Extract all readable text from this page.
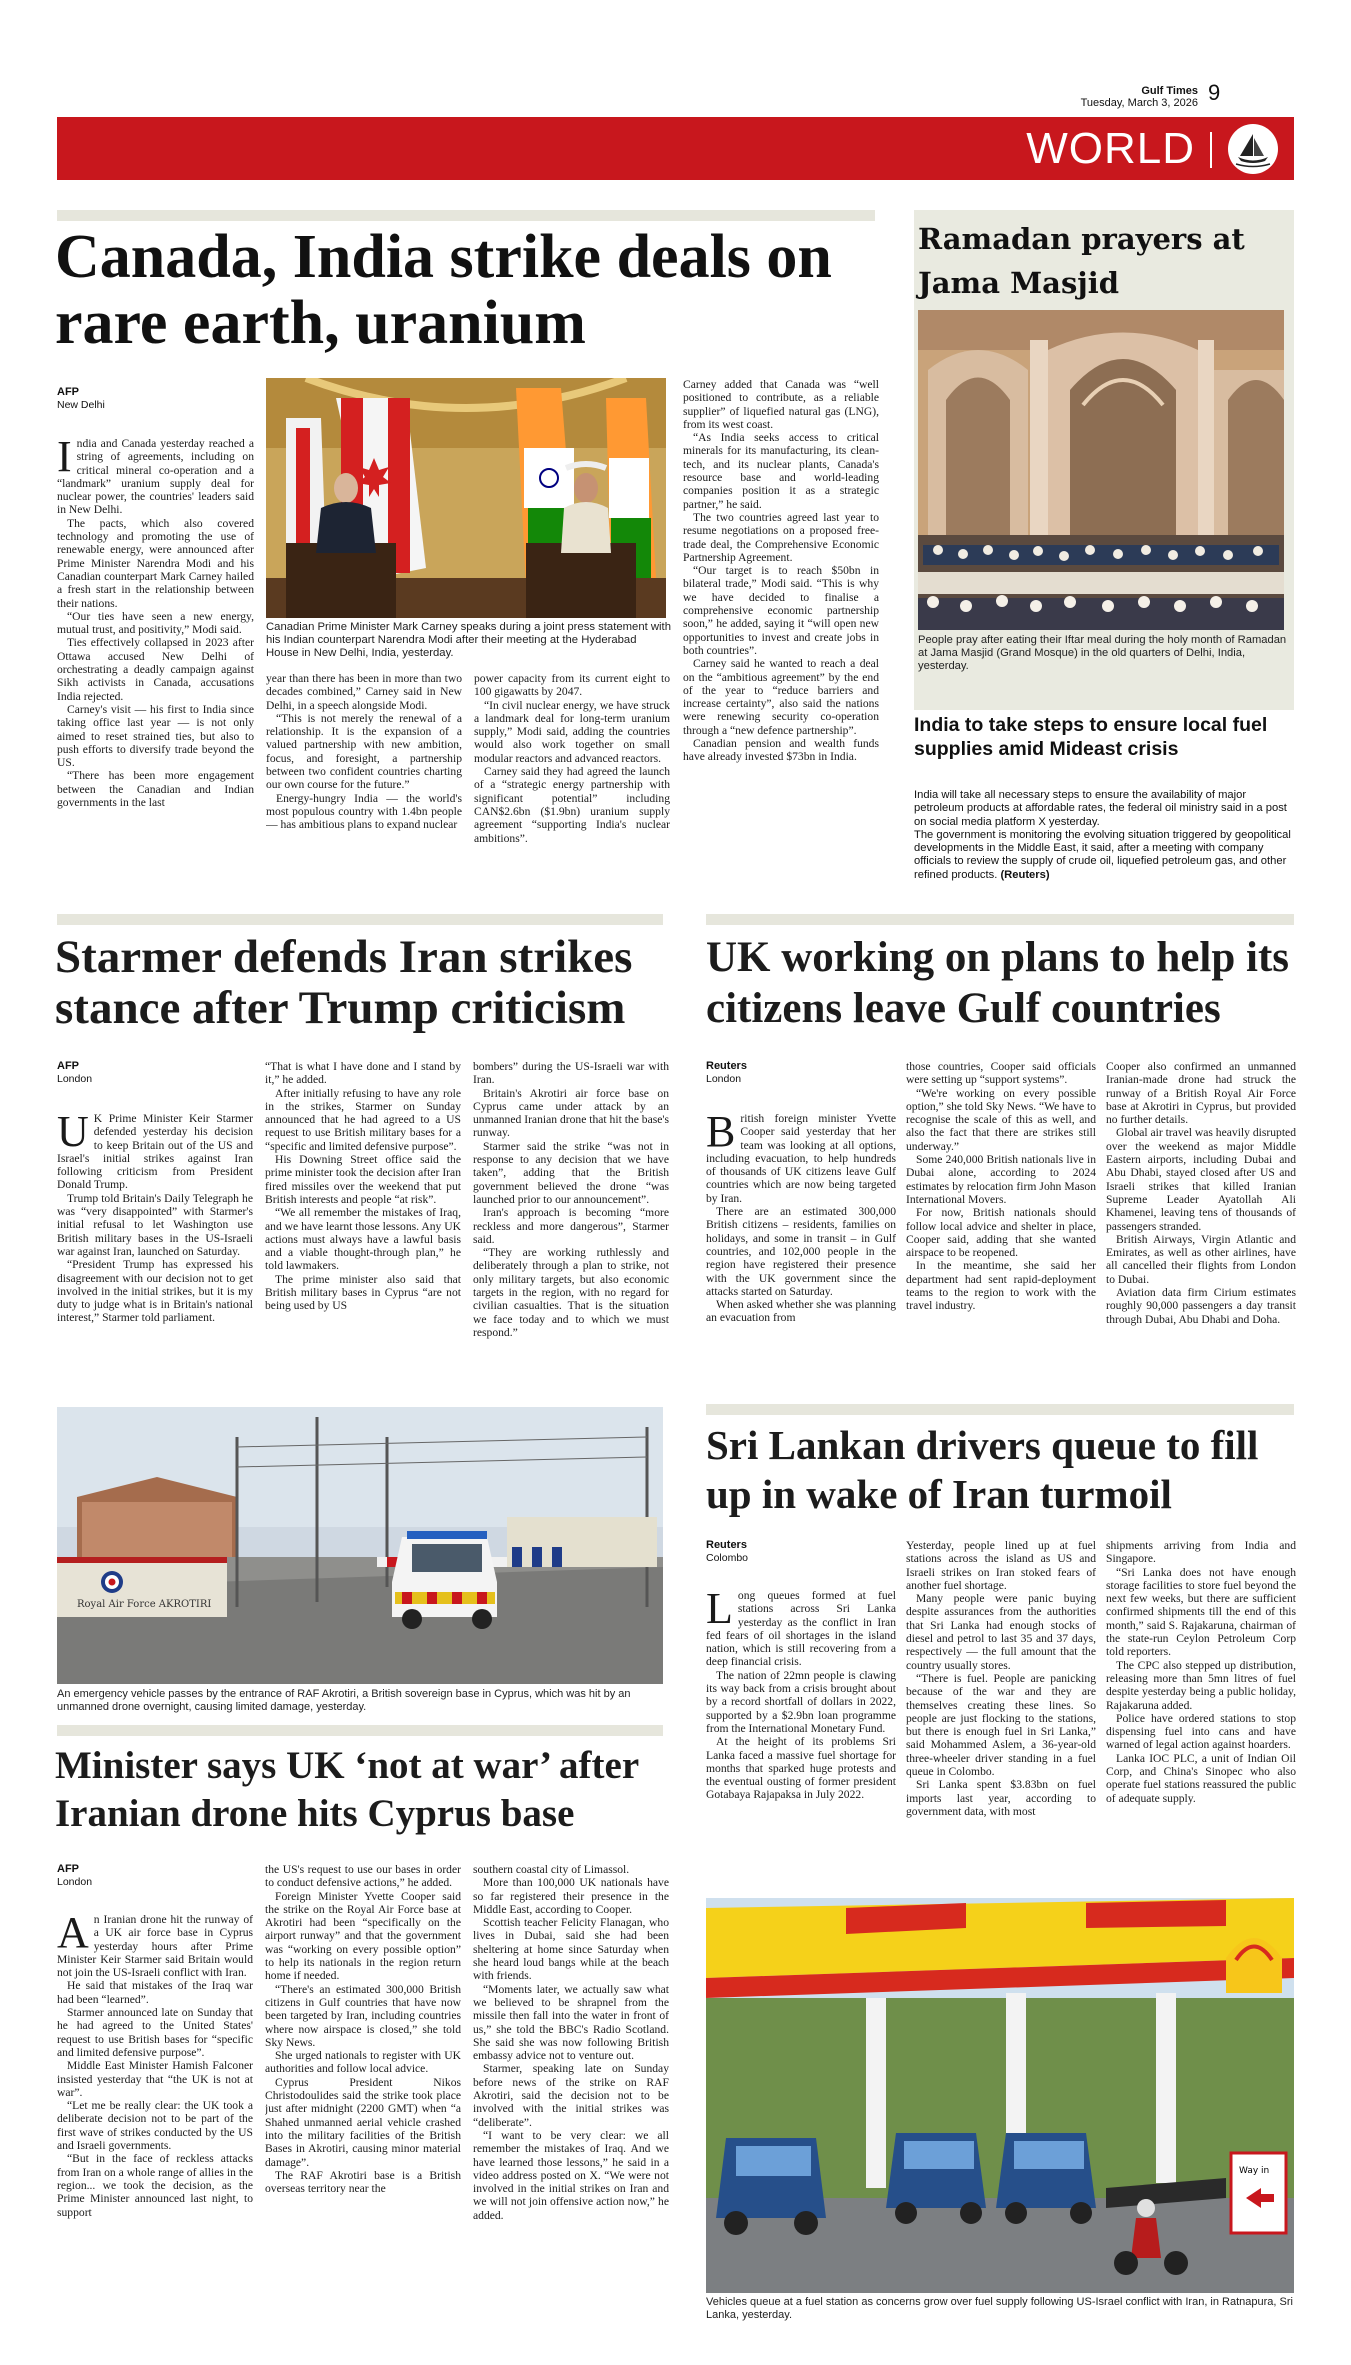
Gulf Times
Tuesday, March 3, 2026 9
WORLD
Canada, India strike deals on rare earth, uranium
AFP
New Delhi
I ndia and Canada yesterday reached a string of agreements, including on critical mineral co-operation and a “landmark” uranium supply deal for nuclear power, the countries' leaders said in New Delhi.

The pacts, which also covered technology and promoting the use of renewable energy, were announced after Prime Minister Narendra Modi and his Canadian counterpart Mark Carney hailed a fresh start in the relationship between their nations.

“Our ties have seen a new energy, mutual trust, and positivity,” Modi said.

Ties effectively collapsed in 2023 after Ottawa accused New Delhi of orchestrating a deadly campaign against Sikh activists in Canada, accusations India rejected.

Carney's visit — his first to India since taking office last year — is not only aimed to reset strained ties, but also to push efforts to diversify trade beyond the US.

“There has been more engagement between the Canadian and Indian governments in the last

Canadian Prime Minister Mark Carney speaks during a joint press statement with his Indian counterpart Narendra Modi after their meeting at the Hyderabad House in New Delhi, India, yesterday.

year than there has been in more than two decades combined,” Carney said in New Delhi, in a speech alongside Modi.

“This is not merely the renewal of a relationship. It is the expansion of a valued partnership with new ambition, focus, and foresight, a partnership between two confident countries charting our own course for the future.”

Energy-hungry India — the world's most populous country with 1.4bn people — has ambitious plans to expand nuclear

power capacity from its current eight to 100 gigawatts by 2047.

“In civil nuclear energy, we have struck a landmark deal for long-term uranium supply,” Modi said, adding the countries would also work together on small modular reactors and advanced reactors.

Carney said they had agreed the launch of a “strategic energy partnership with significant potential” including CAN$2.6bn ($1.9bn) uranium supply agreement “supporting India's nuclear ambitions”.

Carney added that Canada was “well positioned to contribute, as a reliable supplier” of liquefied natural gas (LNG), from its west coast.

“As India seeks access to critical minerals for its manufacturing, its clean-tech, and its nuclear plants, Canada's resource base and world-leading companies position it as a strategic partner,” he said.

The two countries agreed last year to resume negotiations on a proposed free-trade deal, the Comprehensive Economic Partnership Agreement.

“Our target is to reach $50bn in bilateral trade,” Modi said. “This is why we have decided to finalise a comprehensive economic partnership soon,” he added, saying it “will open new opportunities to invest and create jobs in both countries”.

Carney said he wanted to reach a deal on the “ambitious agreement” by the end of the year to “reduce barriers and increase certainty”, also said the nations were renewing security co-operation through a “new defence partnership”.

Canadian pension and wealth funds have already invested $73bn in India.

Ramadan prayers at Jama Masjid
People pray after eating their Iftar meal during the holy month of Ramadan at Jama Masjid (Grand Mosque) in the old quarters of Delhi, India, yesterday.
India to take steps to ensure local fuel supplies amid Mideast crisis
India will take all necessary steps to ensure the availability of major petroleum products at affordable rates, the federal oil ministry said in a post on social media platform X yesterday.
The government is monitoring the evolving situation triggered by geopolitical developments in the Middle East, it said, after a meeting with company officials to review the supply of crude oil, liquefied petroleum gas, and other refined products. (Reuters)
Starmer defends Iran strikes stance after Trump criticism
AFP
London
U K Prime Minister Keir Starmer defended yesterday his decision to keep Britain out of the US and Israel's initial strikes against Iran following criticism from President Donald Trump.

Trump told Britain's Daily Telegraph he was “very disappointed” with Starmer's initial refusal to let Washington use British military bases in the US-Israeli war against Iran, launched on Saturday.

“President Trump has expressed his disagreement with our decision not to get involved in the initial strikes, but it is my duty to judge what is in Britain's national interest,” Starmer told parliament.

“That is what I have done and I stand by it,” he added.

After initially refusing to have any role in the strikes, Starmer on Sunday announced that he had agreed to a US request to use British military bases for a “specific and limited defensive purpose”.

His Downing Street office said the prime minister took the decision after Iran fired missiles over the weekend that put British interests and people “at risk”.

“We all remember the mistakes of Iraq, and we have learnt those lessons. Any UK actions must always have a lawful basis and a viable thought-through plan,” he told lawmakers.

The prime minister also said that British military bases in Cyprus “are not being used by US

bombers” during the US-Israeli war with Iran.

Britain's Akrotiri air force base on Cyprus came under attack by an unmanned Iranian drone that hit the base's runway.

Starmer said the strike “was not in response to any decision that we have taken”, adding that the British government believed the drone “was launched prior to our announcement”.

Iran's approach is becoming “more reckless and more dangerous”, Starmer said.

“They are working ruthlessly and deliberately through a plan to strike, not only military targets, but also economic targets in the region, with no regard for civilian casualties. That is the situation we face today and to which we must respond.”

UK working on plans to help its citizens leave Gulf countries
Reuters
London
B ritish foreign minister Yvette Cooper said yesterday that her team was looking at all options, including evacuation, to help hundreds of thousands of UK citizens leave Gulf countries which are now being targeted by Iran.

There are an estimated 300,000 British citizens – residents, families on holidays, and some in transit – in Gulf countries, and 102,000 people in the region have registered their presence with the UK government since the attacks started on Saturday.

When asked whether she was planning an evacuation from

those countries, Cooper said officials were setting up “support systems”.

“We're working on every possible option,” she told Sky News. “We have to recognise the scale of this as well, and also the fact that there are strikes still underway.”

Some 240,000 British nationals live in Dubai alone, according to 2024 estimates by relocation firm John Mason International Movers.

For now, British nationals should follow local advice and shelter in place, Cooper said, adding that she wanted airspace to be reopened.

In the meantime, she said her department had sent rapid-deployment teams to the region to work with the travel industry.

Cooper also confirmed an unmanned Iranian-made drone had struck the runway of a British Royal Air Force base at Akrotiri in Cyprus, but provided no further details.

Global air travel was heavily disrupted over the weekend as major Middle Eastern airports, including Dubai and Abu Dhabi, stayed closed after US and Israeli strikes that killed Iranian Supreme Leader Ayatollah Ali Khamenei, leaving tens of thousands of passengers stranded.

British Airways, Virgin Atlantic and Emirates, as well as other airlines, have all cancelled their flights from London to Dubai.

Aviation data firm Cirium estimates roughly 90,000 passengers a day transit through Dubai, Abu Dhabi and Doha.

Royal Air Force AKROTIRI
An emergency vehicle passes by the entrance of RAF Akrotiri, a British sovereign base in Cyprus, which was hit by an unmanned drone overnight, causing limited damage, yesterday.
Minister says UK ‘not at war’ after Iranian drone hits Cyprus base
AFP
London
A n Iranian drone hit the runway of a UK air force base in Cyprus yesterday hours after Prime Minister Keir Starmer said Britain would not join the US-Israeli conflict with Iran.

He said that mistakes of the Iraq war had been “learned”.

Starmer announced late on Sunday that he had agreed to the United States' request to use British bases for “specific and limited defensive purpose”.

Middle East Minister Hamish Falconer insisted yesterday that “the UK is not at war”.

“Let me be really clear: the UK took a deliberate decision not to be part of the first wave of strikes conducted by the US and Israeli governments.

“But in the face of reckless attacks from Iran on a whole range of allies in the region... we took the decision, as the Prime Minister announced last night, to support

the US's request to use our bases in order to conduct defensive actions,” he added.

Foreign Minister Yvette Cooper said the strike on the Royal Air Force base at Akrotiri had been “specifically on the airport runway” and that the government was “working on every possible option” to help its nationals in the region return home if needed.

“There's an estimated 300,000 British citizens in Gulf countries that have now been targeted by Iran, including countries where now airspace is closed,” she told Sky News.

She urged nationals to register with UK authorities and follow local advice.

Cyprus President Nikos Christodoulides said the strike took place just after midnight (2200 GMT) when “a Shahed unmanned aerial vehicle crashed into the military facilities of the British Bases in Akrotiri, causing minor material damage”.

The RAF Akrotiri base is a British overseas territory near the

southern coastal city of Limassol.

More than 100,000 UK nationals have so far registered their presence in the Middle East, according to Cooper.

Scottish teacher Felicity Flanagan, who lives in Dubai, said she had been sheltering at home since Saturday when she heard loud bangs while at the beach with friends.

“Moments later, we actually saw what we believed to be shrapnel from the missile then fall into the water in front of us,” she told the BBC's Radio Scotland. She said she was now following British embassy advice not to venture out.

Starmer, speaking late on Sunday before news of the strike on RAF Akrotiri, said the decision not to be involved with the initial strikes was “deliberate”.

“I want to be very clear: we all remember the mistakes of Iraq. And we have learned those lessons,” he said in a video address posted on X. “We were not involved in the initial strikes on Iran and we will not join offensive action now,” he added.

Sri Lankan drivers queue to fill up in wake of Iran turmoil
Reuters
Colombo
L ong queues formed at fuel stations across Sri Lanka yesterday as the conflict in Iran fed fears of oil shortages in the island nation, which is still recovering from a deep financial crisis.

The nation of 22mn people is clawing its way back from a crisis brought about by a record shortfall of dollars in 2022, supported by a $2.9bn loan programme from the International Monetary Fund.

At the height of its problems Sri Lanka faced a massive fuel shortage for months that sparked huge protests and the eventual ousting of former president Gotabaya Rajapaksa in July 2022.

Yesterday, people lined up at fuel stations across the island as US and Israeli strikes on Iran stoked fears of another fuel shortage.

Many people were panic buying despite assurances from the authorities that Sri Lanka had enough stocks of diesel and petrol to last 35 and 37 days, respectively — the full amount that the country usually stores.

“There is fuel. People are panicking because of the war and they are themselves creating these lines. So people are just flocking to the stations, but there is enough fuel in Sri Lanka,” said Mohammed Aslem, a 36-year-old three-wheeler driver standing in a fuel queue in Colombo.

Sri Lanka spent $3.83bn on fuel imports last year, according to government data, with most

shipments arriving from India and Singapore.

“Sri Lanka does not have enough storage facilities to store fuel beyond the next few weeks, but there are sufficient confirmed shipments till the end of this month,” said S. Rajakaruna, chairman of the state-run Ceylon Petroleum Corp told reporters.

The CPC also stepped up distribution, releasing more than 5mn litres of fuel despite yesterday being a public holiday, Rajakaruna added.

Police have ordered stations to stop dispensing fuel into cans and have warned of legal action against hoarders.

Lanka IOC PLC, a unit of Indian Oil Corp, and China's Sinopec who also operate fuel stations reassured the public of adequate supply.

Way in
Vehicles queue at a fuel station as concerns grow over fuel supply following US-Israel conflict with Iran, in Ratnapura, Sri Lanka, yesterday.
